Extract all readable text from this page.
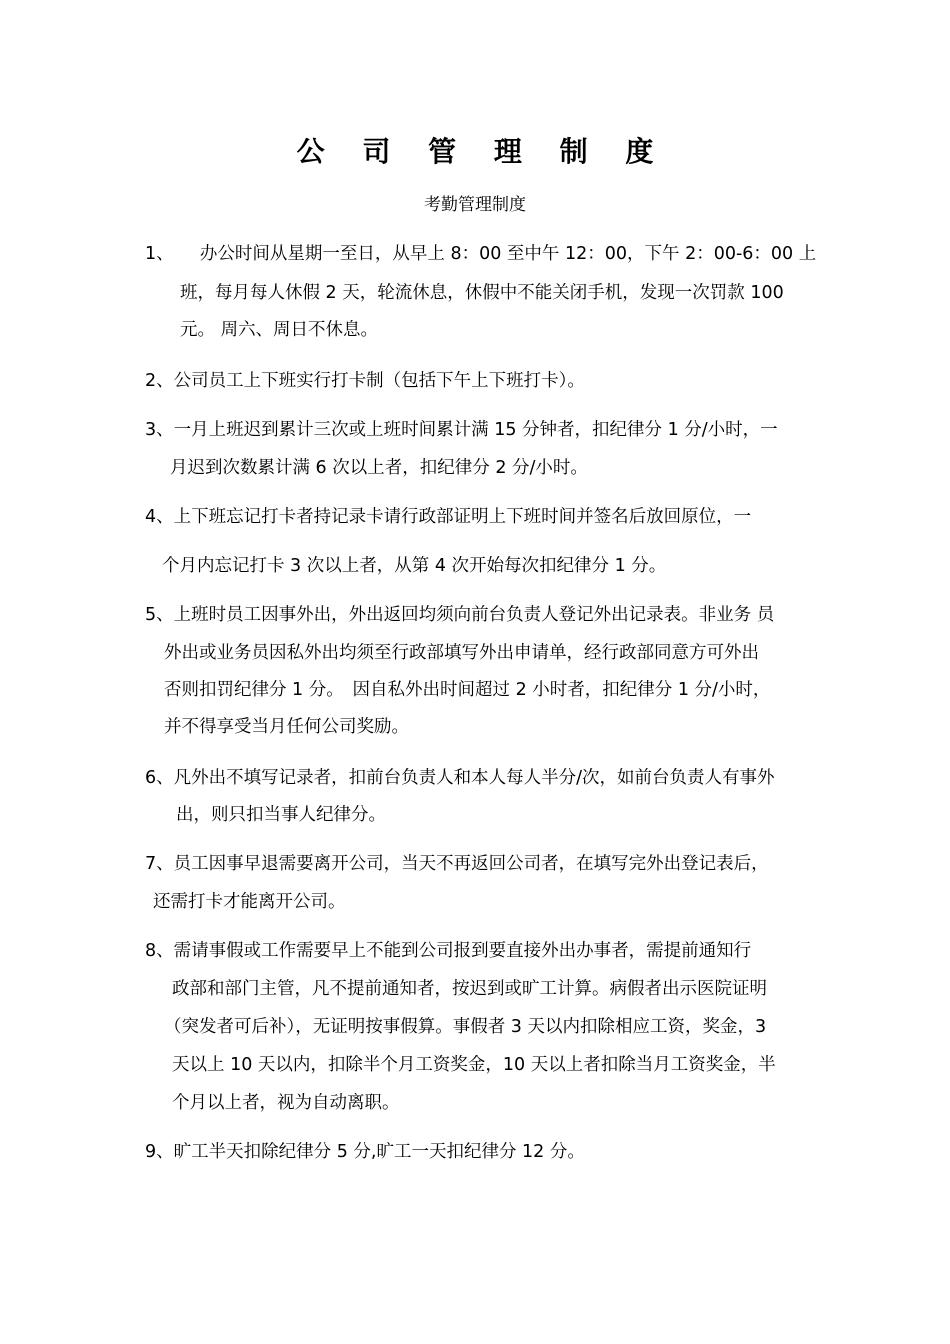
公 司 管 理 制 度

考勤管理制度

1、　　办公时间从星期一至日，从早上 8：00 至中午 12：00，下午 2：00-6：00 上

班，每月每人休假 2 天，轮流休息，休假中不能关闭手机，发现一次罚款 100

元。 周六、周日不休息。

2、公司员工上下班实行打卡制（包括下午上下班打卡）。

3、一月上班迟到累计三次或上班时间累计满 15 分钟者，扣纪律分 1 分/小时，一

月迟到次数累计满 6 次以上者，扣纪律分 2 分/小时。

4、上下班忘记打卡者持记录卡请行政部证明上下班时间并签名后放回原位，一

个月内忘记打卡 3 次以上者，从第 4 次开始每次扣纪律分 1 分。

5、上班时员工因事外出，外出返回均须向前台负责人登记外出记录表。非业务 员

外出或业务员因私外出均须至行政部填写外出申请单，经行政部同意方可外出

否则扣罚纪律分 1 分。　因自私外出时间超过 2 小时者，扣纪律分 1 分/小时，

并不得享受当月任何公司奖励。

6、凡外出不填写记录者，扣前台负责人和本人每人半分/次，如前台负责人有事外

出，则只扣当事人纪律分。

7、员工因事早退需要离开公司，当天不再返回公司者，在填写完外出登记表后，

还需打卡才能离开公司。

8、需请事假或工作需要早上不能到公司报到要直接外出办事者，需提前通知行

政部和部门主管，凡不提前通知者，按迟到或旷工计算。病假者出示医院证明

（突发者可后补），无证明按事假算。事假者 3 天以内扣除相应工资，奖金，3

天以上 10 天以内，扣除半个月工资奖金，10 天以上者扣除当月工资奖金，半

个月以上者，视为自动离职。

9、旷工半天扣除纪律分 5 分,旷工一天扣纪律分 12 分。
